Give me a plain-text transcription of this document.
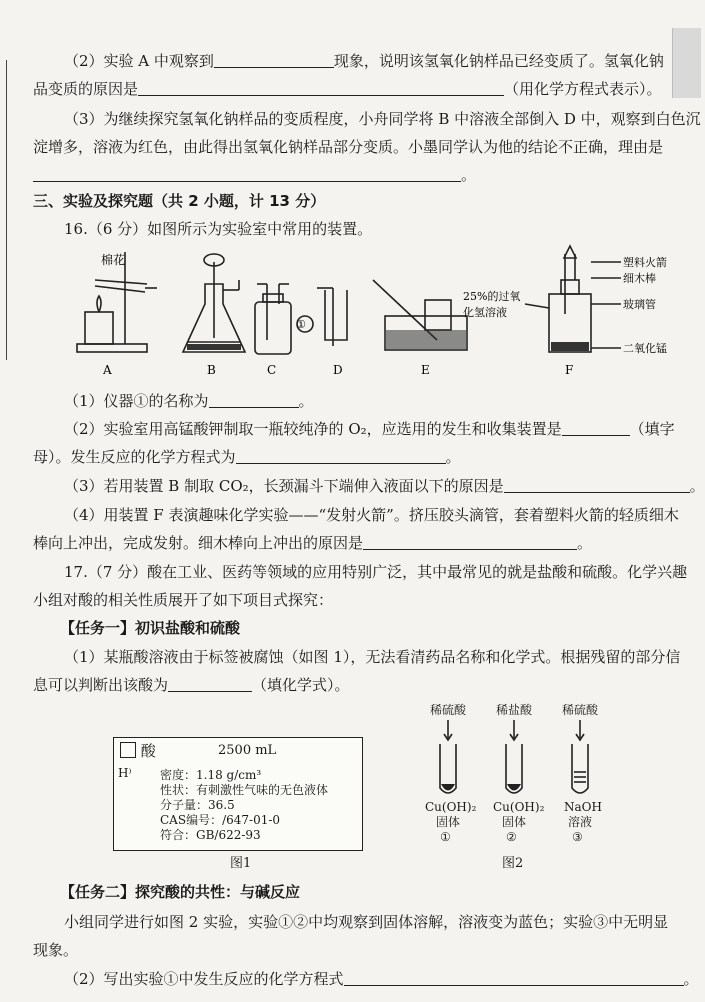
（2）实验 A 中观察到	现象，说明该氢氧化钠样品已经变质了。氢氧化钠
品变质的原因是	（用化学方程式表示）。
（3）为继续探究氢氧化钠样品的变质程度，小舟同学将 B 中溶液全部倒入 D 中，观察到白色沉
淀增多，溶液为红色，由此得出氢氧化钠样品部分变质。小墨同学认为他的结论不正确，理由是
。
三、实验及探究题（共 2 小题，计 13 分）
16.（6 分）如图所示为实验室中常用的装置。
棉花
①
25%的过氧
化氢溶液
塑料火箭
细木棒
玻璃管
二氧化锰
A	B	C	D	E	F
（1）仪器①的名称为	。
（2）实验室用高锰酸钾制取一瓶较纯净的 O₂，应选用的发生和收集装置是	（填字
母）。发生反应的化学方程式为	。
（3）若用装置 B 制取 CO₂，长颈漏斗下端伸入液面以下的原因是	。
（4）用装置 F 表演趣味化学实验——“发射火箭”。挤压胶头滴管，套着塑料火箭的轻质细木
棒向上冲出，完成发射。细木棒向上冲出的原因是	。
17.（7 分）酸在工业、医药等领域的应用特别广泛，其中最常见的就是盐酸和硫酸。化学兴趣
小组对酸的相关性质展开了如下项目式探究：
【任务一】初识盐酸和硫酸
（1）某瓶酸溶液由于标签被腐蚀（如图 1），无法看清药品名称和化学式。根据残留的部分信
息可以判断出该酸为	（填化学式）。
酸	2500 mL
H⁾ 密度：1.18 g/cm³
性状：有刺激性气味的无色液体
分子量：36.5
CAS编号：/647-01-0
符合：GB/622-93
图1
稀硫酸 稀盐酸 稀硫酸
Cu(OH)₂ Cu(OH)₂ NaOH
固体	固体	溶液
①	②	③
图2
【任务二】探究酸的共性：与碱反应
小组同学进行如图 2 实验，实验①②中均观察到固体溶解，溶液变为蓝色；实验③中无明显
现象。
（2）写出实验①中发生反应的化学方程式	。
